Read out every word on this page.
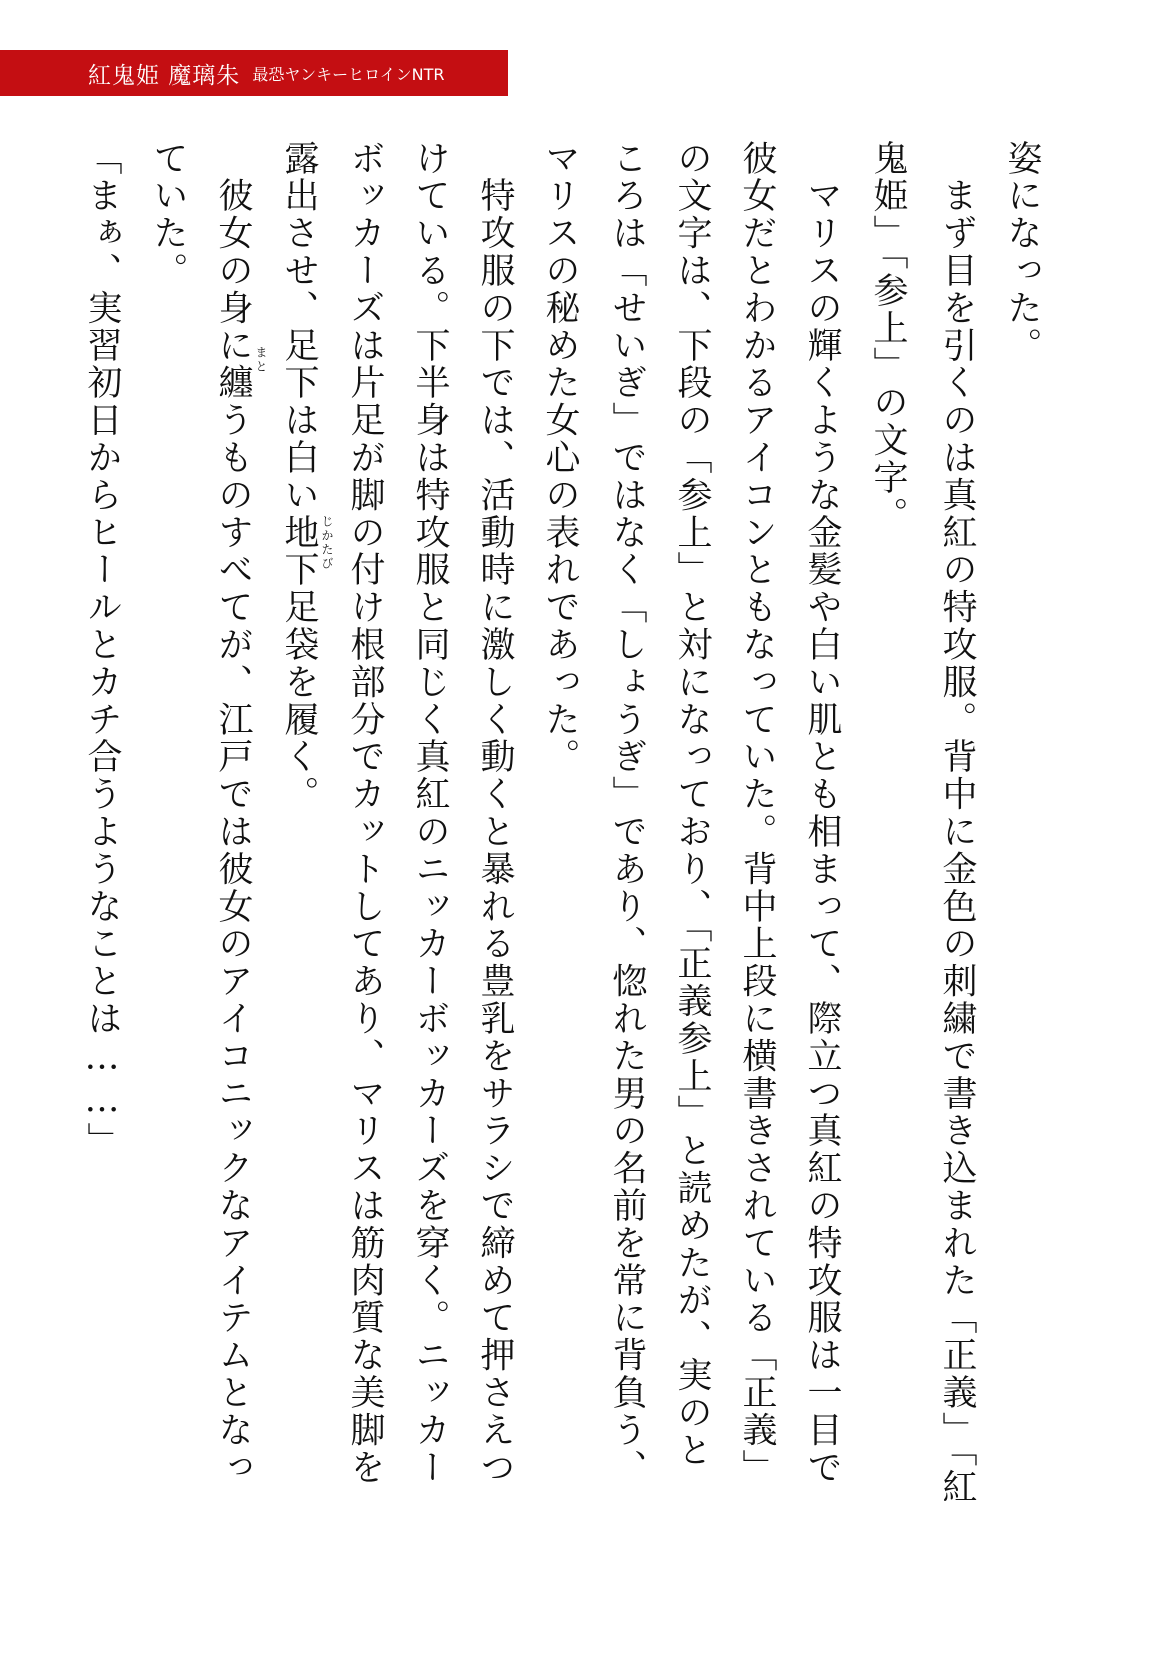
紅鬼姫 魔璃朱 最恐ヤンキーヒロインNTR
姿になった。
　まず目を引くのは真紅の特攻服。背中に金色の刺繍で書き込まれた「正義」「紅
鬼姫」「参上」の文字。
　マリスの輝くような金髪や白い肌とも相まって、際立つ真紅の特攻服は一目で
彼女だとわかるアイコンともなっていた。背中上段に横書きされている「正義」
の文字は、下段の「参上」と対になっており、「正義参上」と読めたが、実のと
ころは「せいぎ」ではなく「しょうぎ」であり、惚れた男の名前を常に背負う、
マリスの秘めた女心の表れであった。
　特攻服の下では、活動時に激しく動くと暴れる豊乳をサラシで締めて押さえつ
けている。下半身は特攻服と同じく真紅のニッカーボッカーズを穿く。ニッカー
ボッカーズは片足が脚の付け根部分でカットしてあり、マリスは筋肉質な美脚を
露出させ、足下は白い地下足袋を履く。
　彼女の身に纏うものすべてが、江戸では彼女のアイコニックなアイテムとなっ
ていた。
「まぁ、実習初日からヒールとカチ合うようなことは……」	まと
じかたび
